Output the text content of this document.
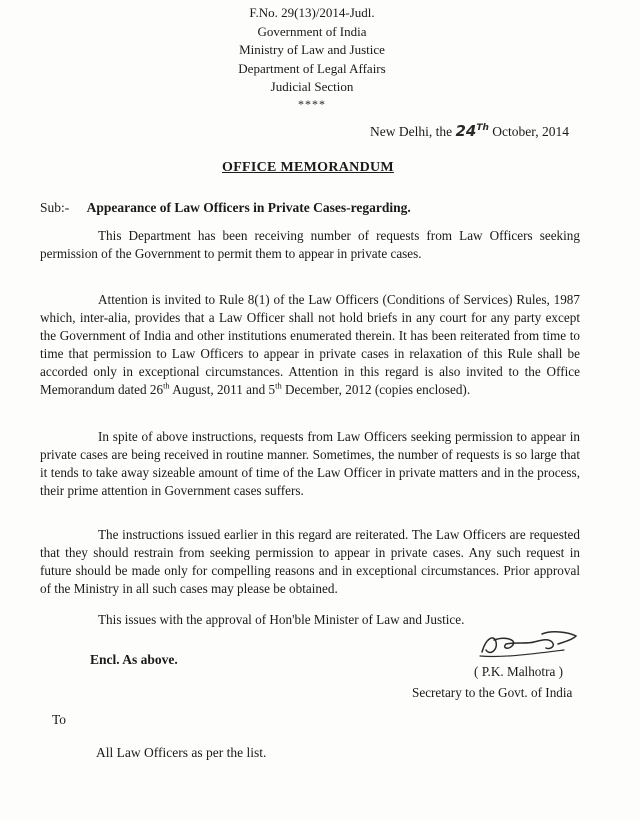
F.No. 29(13)/2014-Judl.
Government of India
Ministry of Law and Justice
Department of Legal Affairs
Judicial Section
****
New Delhi, the 24Th October, 2014
OFFICE MEMORANDUM
Sub:- Appearance of Law Officers in Private Cases-regarding.
This Department has been receiving number of requests from Law Officers seeking permission of the Government to permit them to appear in private cases.
Attention is invited to Rule 8(1) of the Law Officers (Conditions of Services) Rules, 1987 which, inter-alia, provides that a Law Officer shall not hold briefs in any court for any party except the Government of India and other institutions enumerated therein. It has been reiterated from time to time that permission to Law Officers to appear in private cases in relaxation of this Rule shall be accorded only in exceptional circumstances. Attention in this regard is also invited to the Office Memorandum dated 26th August, 2011 and 5th December, 2012 (copies enclosed).
In spite of above instructions, requests from Law Officers seeking permission to appear in private cases are being received in routine manner. Sometimes, the number of requests is so large that it tends to take away sizeable amount of time of the Law Officer in private matters and in the process, their prime attention in Government cases suffers.
The instructions issued earlier in this regard are reiterated. The Law Officers are requested that they should restrain from seeking permission to appear in private cases. Any such request in future should be made only for compelling reasons and in exceptional circumstances. Prior approval of the Ministry in all such cases may please be obtained.
This issues with the approval of Hon'ble Minister of Law and Justice.
Encl. As above.
( P.K. Malhotra )
Secretary to the Govt. of India
To
All Law Officers as per the list.
